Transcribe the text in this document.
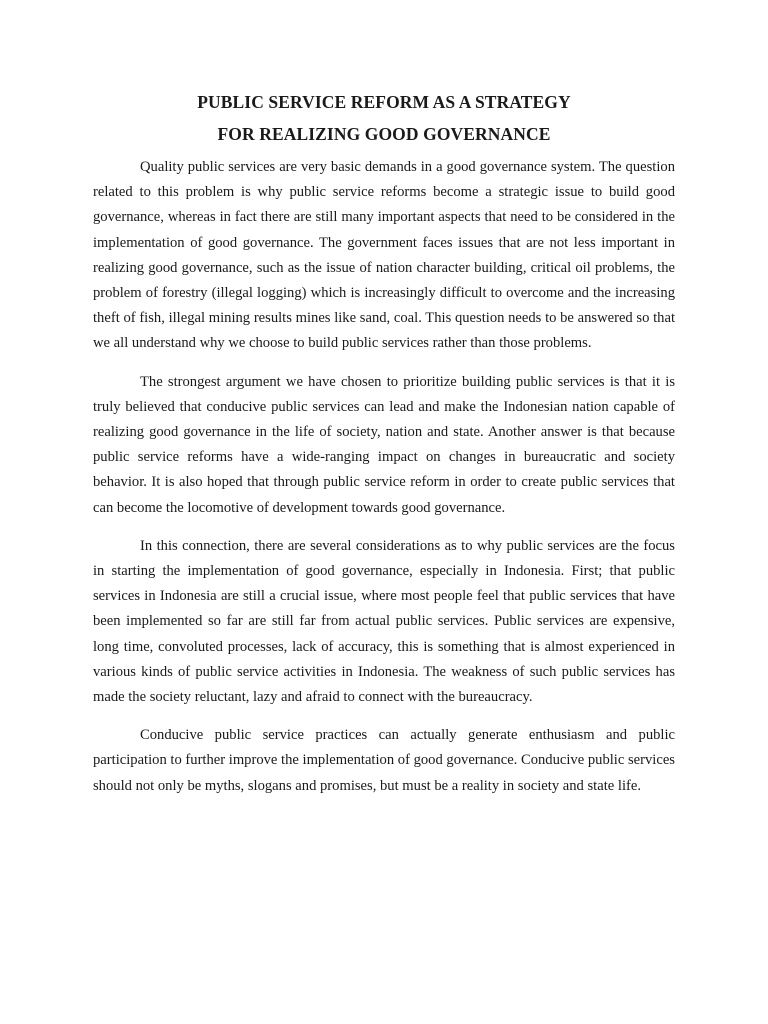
PUBLIC SERVICE REFORM AS A STRATEGY
FOR REALIZING GOOD GOVERNANCE

Quality public services are very basic demands in a good governance system. The question related to this problem is why public service reforms become a strategic issue to build good governance, whereas in fact there are still many important aspects that need to be considered in the implementation of good governance. The government faces issues that are not less important in realizing good governance, such as the issue of nation character building, critical oil problems, the problem of forestry (illegal logging) which is increasingly difficult to overcome and the increasing theft of fish, illegal mining results mines like sand, coal. This question needs to be answered so that we all understand why we choose to build public services rather than those problems.

The strongest argument we have chosen to prioritize building public services is that it is truly believed that conducive public services can lead and make the Indonesian nation capable of realizing good governance in the life of society, nation and state. Another answer is that because public service reforms have a wide-ranging impact on changes in bureaucratic and society behavior. It is also hoped that through public service reform in order to create public services that can become the locomotive of development towards good governance.

In this connection, there are several considerations as to why public services are the focus in starting the implementation of good governance, especially in Indonesia. First; that public services in Indonesia are still a crucial issue, where most people feel that public services that have been implemented so far are still far from actual public services. Public services are expensive, long time, convoluted processes, lack of accuracy, this is something that is almost experienced in various kinds of public service activities in Indonesia. The weakness of such public services has made the society reluctant, lazy and afraid to connect with the bureaucracy.

Conducive public service practices can actually generate enthusiasm and public participation to further improve the implementation of good governance. Conducive public services should not only be myths, slogans and promises, but must be a reality in society and state life.
